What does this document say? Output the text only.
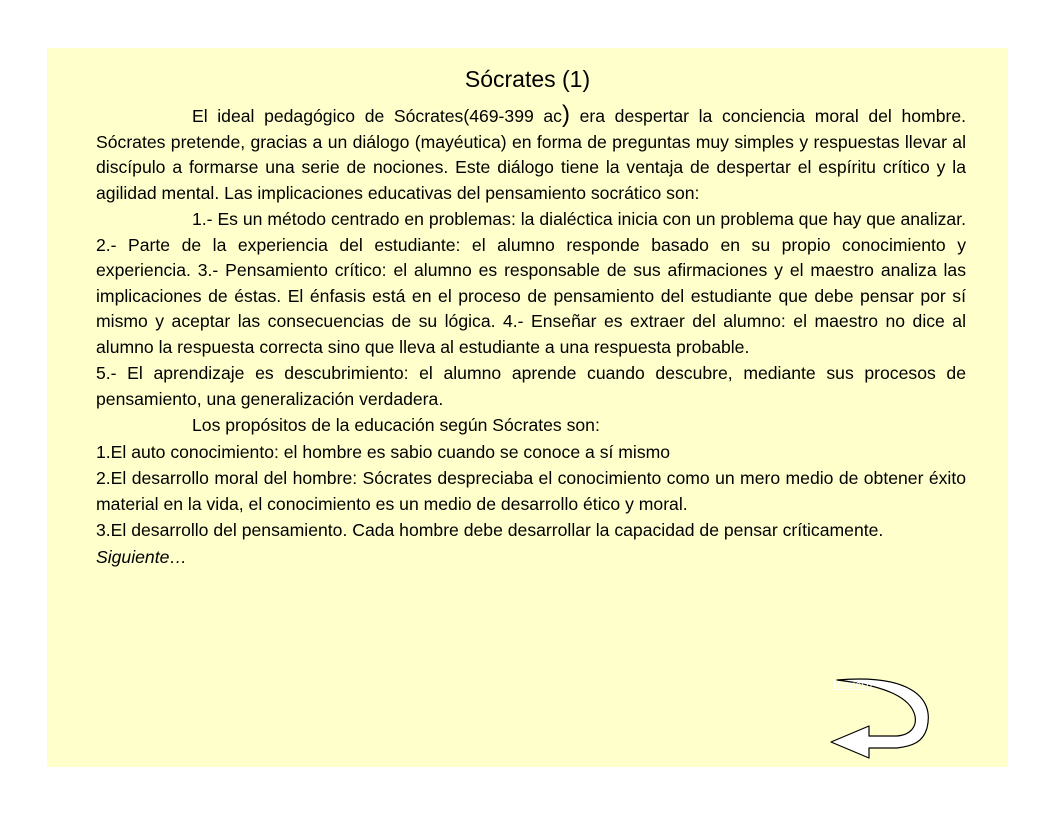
Sócrates (1)

El ideal pedagógico de Sócrates(469-399 ac) era despertar la conciencia moral del hombre. Sócrates pretende, gracias a un diálogo (mayéutica) en forma de preguntas muy simples y respuestas llevar al discípulo a formarse una serie de nociones. Este diálogo tiene la ventaja de despertar el espíritu crítico y la agilidad mental. Las implicaciones educativas del pensamiento socrático son:

1.- Es un método centrado en problemas: la dialéctica inicia con un problema que hay que analizar. 2.- Parte de la experiencia del estudiante: el alumno responde basado en su propio conocimiento y experiencia. 3.- Pensamiento crítico: el alumno es responsable de sus afirmaciones y el maestro analiza las implicaciones de éstas. El énfasis está en el proceso de pensamiento del estudiante que debe pensar por sí mismo y aceptar las consecuencias de su lógica. 4.- Enseñar es extraer del alumno: el maestro no dice al alumno la respuesta correcta sino que lleva al estudiante a una respuesta probable.

5.- El aprendizaje es descubrimiento: el alumno aprende cuando descubre, mediante sus procesos de pensamiento, una generalización verdadera.

Los propósitos de la educación según Sócrates son:

1.El auto conocimiento: el hombre es sabio cuando se conoce a sí mismo

2.El desarrollo moral del hombre: Sócrates despreciaba el conocimiento como un mero medio de obtener éxito material en la vida, el conocimiento es un medio de desarrollo ético y moral.

3.El desarrollo del pensamiento. Cada hombre debe desarrollar la capacidad de pensar críticamente.

Siguiente…

Regreso
